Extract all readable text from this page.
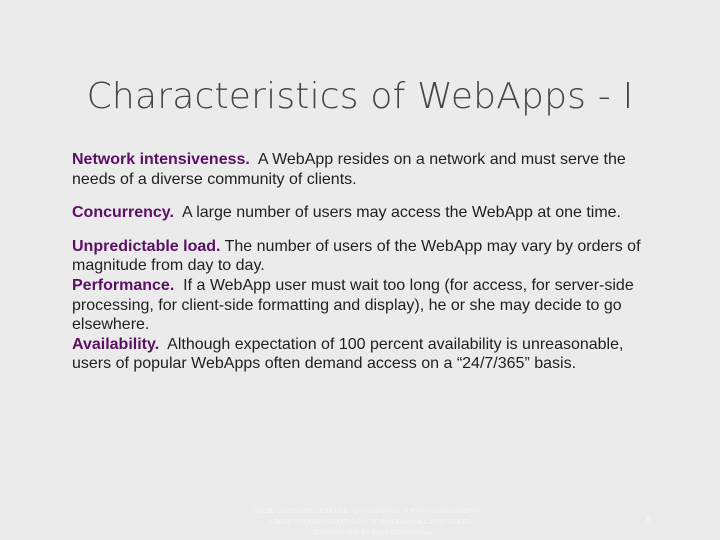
Characteristics of WebApps - I

Network intensiveness.  A WebApp resides on a network and must serve the needs of a diverse community of clients.

Concurrency.  A large number of users may access the WebApp at one time.

Unpredictable load. The number of users of the WebApp may vary by orders of magnitude from day to day.

Performance.  If a WebApp user must wait too long (for access, for server-side processing, for client-side formatting and display), he or she may decide to go elsewhere.

Availability.  Although expectation of 100 percent availability is unreasonable, users of popular WebApps often demand access on a “24/7/365” basis.

THESE SLIDES ARE DESIGNED TO ACCOMPANY SOFTWARE ENGINEERING:
A PRACTITIONER'S APPROACH, 7/E (MCGRAW-HILL 2009). SLIDES
COPYRIGHT 2009 BY ROGER PRESSMAN.
8
